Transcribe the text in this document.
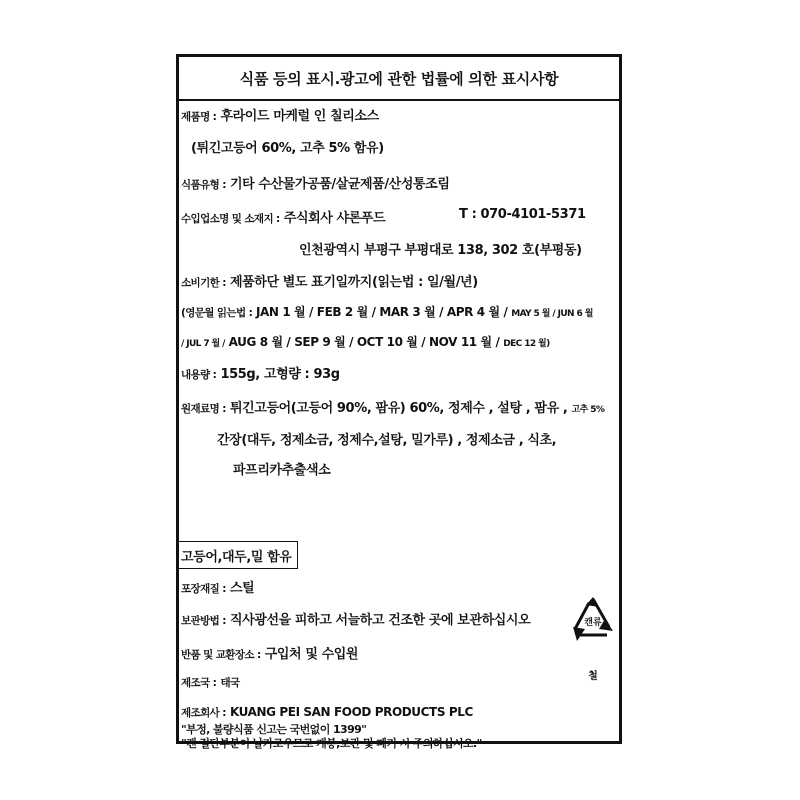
식품 등의 표시.광고에 관한 법률에 의한 표시사항
제품명 : 후라이드 마케럴 인 칠리소스
(튀긴고등어 60%, 고추 5% 함유)
식품유형 : 기타 수산물가공품/살균제품/산성통조림
수입업소명 및 소재지 : 주식회사 샤론푸드	T : 070-4101-5371
인천광역시 부평구 부평대로 138, 302 호(부평동)
소비기한 : 제품하단 별도 표기일까지(읽는법 : 일/월/년)
(영문월 읽는법 : JAN 1 월 / FEB 2 월 / MAR 3 월 / APR 4 월 / MAY 5 월 / JUN 6 월
/ JUL 7 월 / AUG 8 월 / SEP 9 월 / OCT 10 월 / NOV 11 월 / DEC 12 월)
내용량 : 155g, 고형량 : 93g
원재료명 : 튀긴고등어(고등어 90%, 팜유) 60%, 정제수 , 설탕 , 팜유 , 고추 5%
간장(대두, 정제소금, 정제수,설탕, 밀가루) , 정제소금 , 식초,
파프리카추출색소
고등어,대두,밀 함유
포장재질 : 스틸
보관방법 : 직사광선을 피하고 서늘하고 건조한 곳에 보관하십시오
반품 및 교환장소 : 구입처 및 수입원
제조국 : 태국
제조회사 : KUANG PEI SAN FOOD PRODUCTS PLC
"캔 절단부분이 날카로우므로 개봉,보관 및 폐기 시 주의하십시오."
"부정, 불량식품 신고는 국번없이 1399"
캔류
철
